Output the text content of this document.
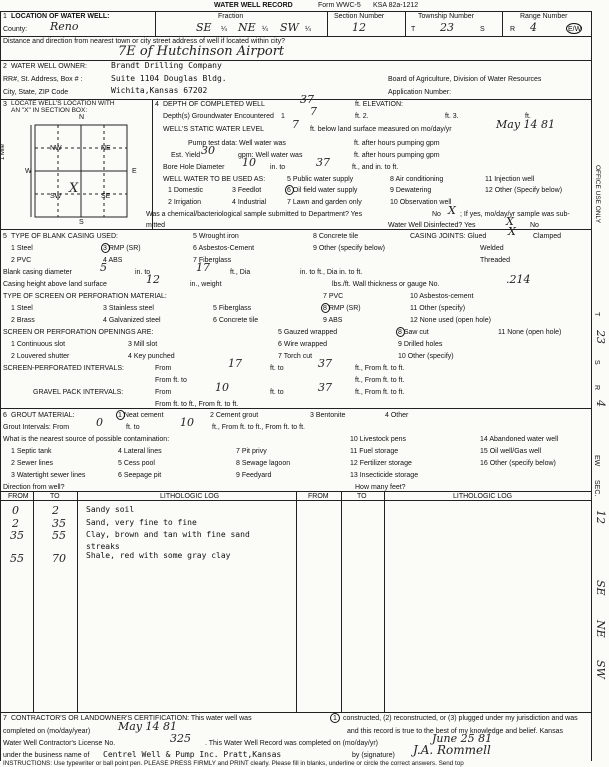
WATER WELL RECORD	Form WWC-5 KSA 82a-1212
1 LOCATION OF WATER WELL:
County: Reno
Fraction
SE ¼ NE ¼ SW ¼
Section Number
12
Township Number
T 23	S
Range Number
R 4	E/W
Distance and direction from nearest town or city street address of well if located within city?
7E of Hutchinson Airport
2 WATER WELL OWNER:	Brandt Drilling Company
RR#, St. Address, Box # :	Suite 1104 Douglas Bldg.
City, State, ZIP Code	Wichita,Kansas 67202
Board of Agriculture, Division of Water Resources
Application Number:
3 LOCATE WELL'S LOCATION WITH
AN "X" IN SECTION BOX:
N
S
E
W
NW	NE
SW	SE
X
1 Mile
4 DEPTH OF COMPLETED WELL	37	ft. ELEVATION:
Depth(s) Groundwater Encountered 1 7	ft. 2.	ft. 3.	ft.
WELL'S STATIC WATER LEVEL	7 ft. below land surface measured on mo/day/yr	May 14 81
Pump test data: Well water was	ft. after hours pumping gpm
Est. Yield 30	gpm: Well water was	ft. after hours pumping gpm
Bore Hole Diameter 10 in. to	37	ft., and in. to ft.
WELL WATER TO BE USED AS:
1 Domestic
2 Irrigation
3 Feedlot
4 Industrial
5 Public water supply
6 Oil field water supply
7 Lawn and garden only
8 Air conditioning
9 Dewatering
10 Observation well
11 Injection well
12 Other (Specify below)
Was a chemical/bacteriological sample submitted to Department? Yes	No X ; If yes, mo/day/yr sample was sub-
mitted	Water Well Disinfected? Yes	X No
5 TYPE OF BLANK CASING USED:
1 Steel
2 PVC
3 RMP (SR)
4 ABS
5 Wrought iron
6 Asbestos-Cement
7 Fiberglass
8 Concrete tile
9 Other (specify below)
CASING JOINTS: Glued X Clamped
Welded
Threaded
Blank casing diameter	5	in. to	17	ft., Dia	in. to ft., Dia in. to ft.
Casing height above land surface	12	in., weight	lbs./ft. Wall thickness or gauge No.	.214
TYPE OF SCREEN OR PERFORATION MATERIAL:
1 Steel
2 Brass
3 Stainless steel
4 Galvanized steel
5 Fiberglass
6 Concrete tile
7 PVC
8 RMP (SR)
9 ABS
10 Asbestos-cement
11 Other (specify)
12 None used (open hole)
SCREEN OR PERFORATION OPENINGS ARE:
1 Continuous slot
2 Louvered shutter
3 Mill slot
4 Key punched
5 Gauzed wrapped
6 Wire wrapped
7 Torch cut
8 Saw cut
9 Drilled holes
10 Other (specify)
11 None (open hole)
SCREEN-PERFORATED INTERVALS:	From	17	ft. to	37	ft., From ft. to ft.
ft., From ft. to ft.
From ft. to
GRAVEL PACK INTERVALS:	From	10	ft. to	37	ft., From ft. to ft.
From ft. to ft., From ft. to ft.
6 GROUT MATERIAL:	1 Neat cement	2 Cement grout	3 Bentonite	4 Other
Grout Intervals: From 0	ft. to	10	ft., From ft. to ft., From ft. to ft.
What is the nearest source of possible contamination:
1 Septic tank
2 Sewer lines
3 Watertight sewer lines
4 Lateral lines
5 Cess pool
6 Seepage pit
7 Pit privy
8 Sewage lagoon
9 Feedyard
10 Livestock pens
11 Fuel storage
12 Fertilizer storage
13 Insecticide storage
14 Abandoned water well
15 Oil well/Gas well
16 Other (specify below)
Direction from well?	How many feet?
FROM	TO	LITHOLOGIC LOG	FROM	TO	LITHOLOGIC LOG
0	2	Sandy soil
2	35	Sand, very fine to fine
35	55	Clay, brown and tan with fine sand
streaks
55	70	Shale, red with some gray clay
7 CONTRACTOR'S OR LANDOWNER'S CERTIFICATION: This water well was	1 constructed, (2) reconstructed, or (3) plugged under my jurisdiction and was
completed on (mo/day/year)	May 14 81	and this record is true to the best of my knowledge and belief. Kansas
Water Well Contractor's License No.	325 . This Water Well Record was completed on (mo/day/yr)	June 25 81
under the business name of Centrel Well & Pump Inc. Pratt,Kansas	by (signature) J.A. Rommell
INSTRUCTIONS: Use typewriter or ball point pen. PLEASE PRESS FIRMLY and PRINT clearly. Please fill in blanks, underline or circle the correct answers. Send top
OFFICE USE ONLY
T
23
S
R
4
EW
SEC.
12
SE
NE
SW
